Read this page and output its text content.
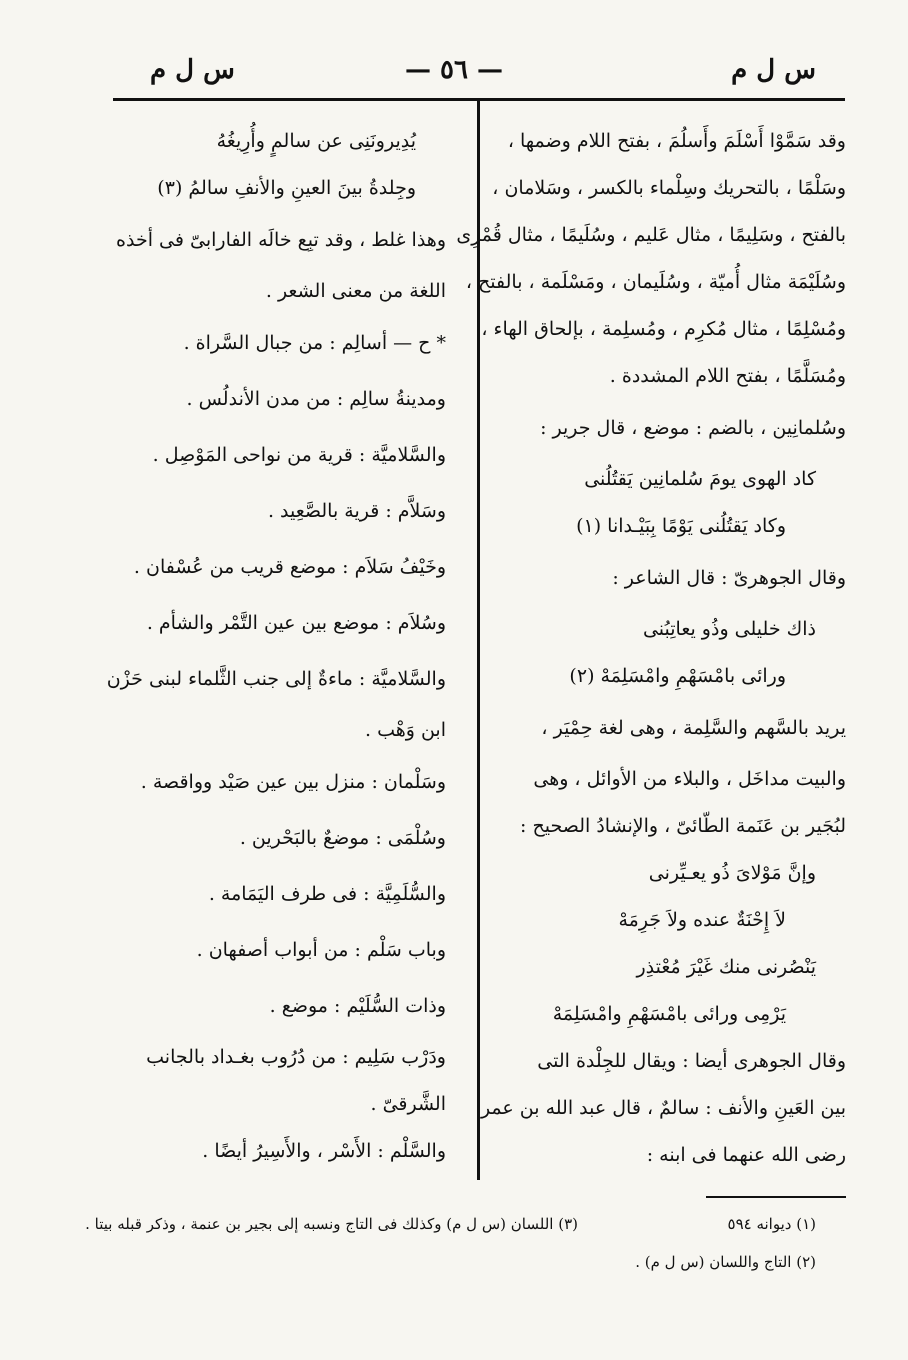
س ل م
— ٥٦ —
س ل م
وقد سَمَّوْا أَسْلَمَ وأَسلُمَ ، بفتح اللام وضمها ،
وسَلْمًا ، بالتحريك وسِلْماء بالكسر ، وسَلامان ،
بالفتح ، وسَلِيمًا ، مثال عَليم ، وسُلَيمًا ، مثال قُمْرِى
وسُلَيْمَة مثال أُميّة ، وسُلَيمان ، ومَسْلَمة ، بالفتح ،
ومُسْلِمًا ، مثال مُكرِم ، ومُسلِمة ، بإلحاق الهاء ،
ومُسَلَّمًا ، بفتح اللام المشددة .
وسُلمانِين ، بالضم : موضع ، قال جرير :
كاد الهوى يومَ سُلمانِين يَقتُلُنى
وكاد يَقتُلُنى يَوْمًا بِبَيْـدانا (١)
وقال الجوهرىّ : قال الشاعر :
ذاك خليلى وذُو يعاتِبُنى
ورائى بامْسَهْمِ وامْسَلِمَهْ (٢)
يريد بالسَّهم والسَّلِمة ، وهى لغة حِمْيَر ،
والبيت مداخَل ، والبلاء من الأوائل ، وهى
لبُجَير بن عَنَمة الطّائىّ ، والإنشادُ الصحيح :
وإنَّ مَوْلاىَ ذُو يعـيِّرنى
لاَ إِحْنَةٌ عنده ولاَ جَرِمَهْ
يَنْصُرنى منك غَيْرَ مُعْتذِر
يَرْمِى ورائى بامْسَهْمِ وامْسَلِمَهْ
وقال الجوهرى أيضا : ويقال للجِلْدة التى
بين العَينِ والأنف : سالمٌ ، قال عبد الله بن عمر
رضى الله عنهما فى ابنه :
يُدِيرونَنِى عن سالمٍ وأُرِيغُهُ
وجِلدةُ بينَ العينِ والأنفِ سالمُ (٣)
وهذا غلط ، وقد تبِع خالَه الفارابىّ فى أخذه
اللغة من معنى الشعر .
* ح — أسالِم : من جبال السَّراة .
ومدينةُ سالِم : من مدن الأندلُس .
والسَّلاميَّة : قرية من نواحى المَوْصِل .
وسَلاَّم : قرية بالصَّعِيد .
وخَيْفُ سَلاَم : موضع قريب من عُسْفان .
وسُلاَم : موضع بين عين التَّمْر والشأم .
والسَّلاميَّة : ماءةٌ إلى جنب الثَّلماء لبنى حَزْن
ابن وَهْب .
وسَلْمان : منزل بين عين صَيْد وواقصة .
وسُلْمَى : موضعٌ بالبَحْرين .
والسُّلَمِيَّة : فى طرف اليَمَامة .
وباب سَلْم : من أبواب أصفهان .
وذات السُّلَيْم : موضع .
ودَرْب سَلِيم : من دُرُوب بغـداد بالجانب
الشَّرقىّ .
والسَّلْم : الأَسْر ، والأَسِيرُ أيضًا .
(١) ديوانه ٥٩٤
(٢) التاج واللسان (س ل م) .
(٣) اللسان (س ل م) وكذلك فى التاج ونسبه إلى بجير بن عنمة ، وذكر قبله بيتا .
